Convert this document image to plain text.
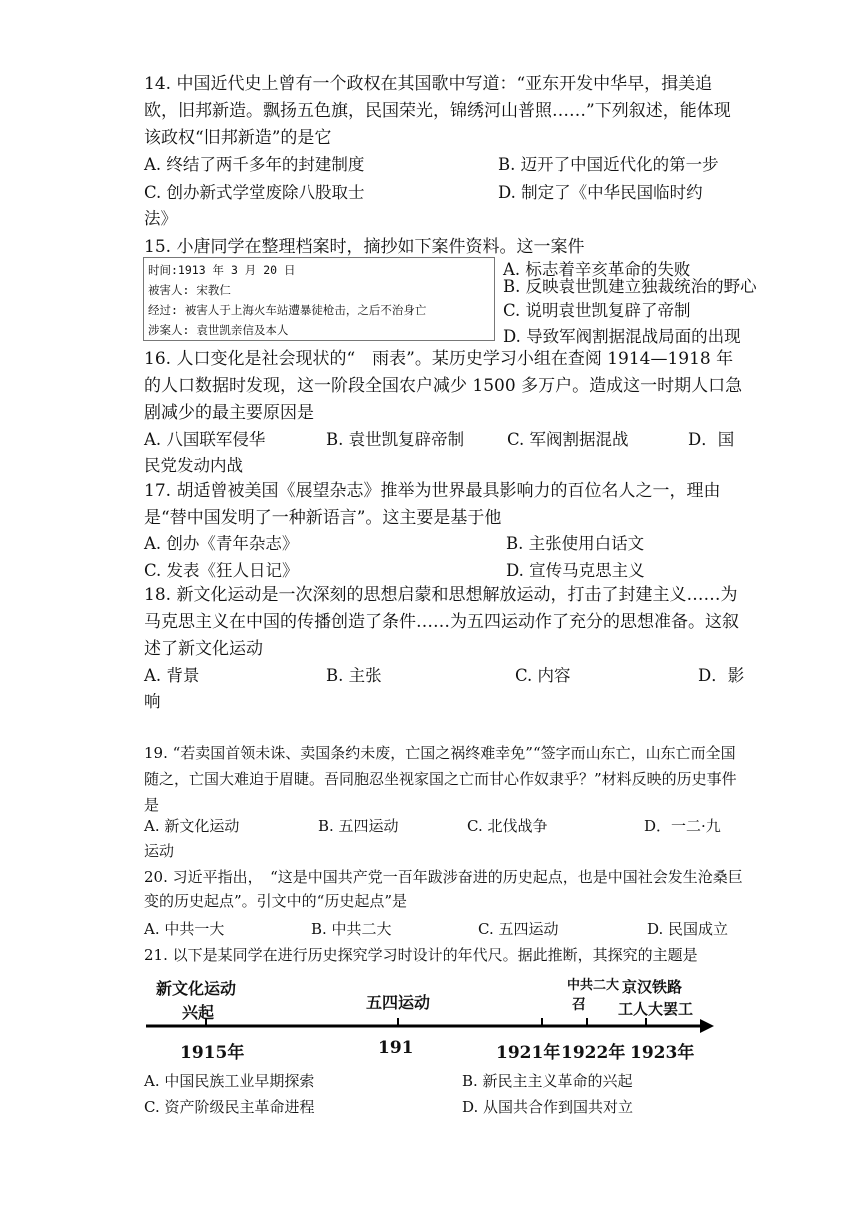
14. 中国近代史上曾有一个政权在其国歌中写道：“亚东开发中华早，揖美追欧，旧邦新造。飘扬五色旗，民国荣光，锦绣河山普照……”下列叙述，能体现该政权“旧邦新造”的是它
A. 终结了两千多年的封建制度	B. 迈开了中国近代化的第一步
C. 创办新式学堂废除八股取士	D. 制定了《中华民国临时约
法》
15. 小唐同学在整理档案时，摘抄如下案件资料。这一案件
时间:1913 年 3 月 20 日
被害人: 宋教仁
经过: 被害人于上海火车站遭暴徒枪击，之后不治身亡
涉案人: 袁世凯亲信及本人
A. 标志着辛亥革命的失败
B. 反映袁世凯建立独裁统治的野心
C. 说明袁世凯复辟了帝制
D. 导致军阀割据混战局面的出现
16. 人口变化是社会现状的“　雨表”。某历史学习小组在查阅 1914—1918 年的人口数据时发现，这一阶段全国农户减少 1500 多万户。造成这一时期人口急剧减少的最主要原因是
A. 八国联军侵华	B. 袁世凯复辟帝制	C. 军阀割据混战	D．国
民党发动内战
17. 胡适曾被美国《展望杂志》推举为世界最具影响力的百位名人之一，理由是“替中国发明了一种新语言”。这主要是基于他
A. 创办《青年杂志》	B. 主张使用白话文
C. 发表《狂人日记》	D. 宣传马克思主义
18. 新文化运动是一次深刻的思想启蒙和思想解放运动，打击了封建主义……为马克思主义在中国的传播创造了条件……为五四运动作了充分的思想准备。这叙述了新文化运动
A. 背景	B. 主张	C. 内容	D．影
响
19. “若卖国首领未诛、卖国条约未废，亡国之祸终难幸免”“签字而山东亡，山东亡而全国随之，亡国大难迫于眉睫。吾同胞忍坐视家国之亡而甘心作奴隶乎？”材料反映的历史事件是
A. 新文化运动	B. 五四运动	C. 北伐战争	D．一二·九
运动
20. 习近平指出，　“这是中国共产党一百年跋涉奋进的历史起点，也是中国社会发生沧桑巨变的历史起点”。引文中的“历史起点”是
A. 中共一大	B. 中共二大	C. 五四运动	D. 民国成立
21. 以下是某同学在进行历史探究学习时设计的年代尺。据此推断，其探究的主题是
新文化运动
兴起
五四运动
中共二大
召
京汉铁路
工人大罢工
1915年	191	1921年 1922年 1923年
A. 中国民族工业早期探索	B. 新民主主义革命的兴起
C. 资产阶级民主革命进程	D. 从国共合作到国共对立
